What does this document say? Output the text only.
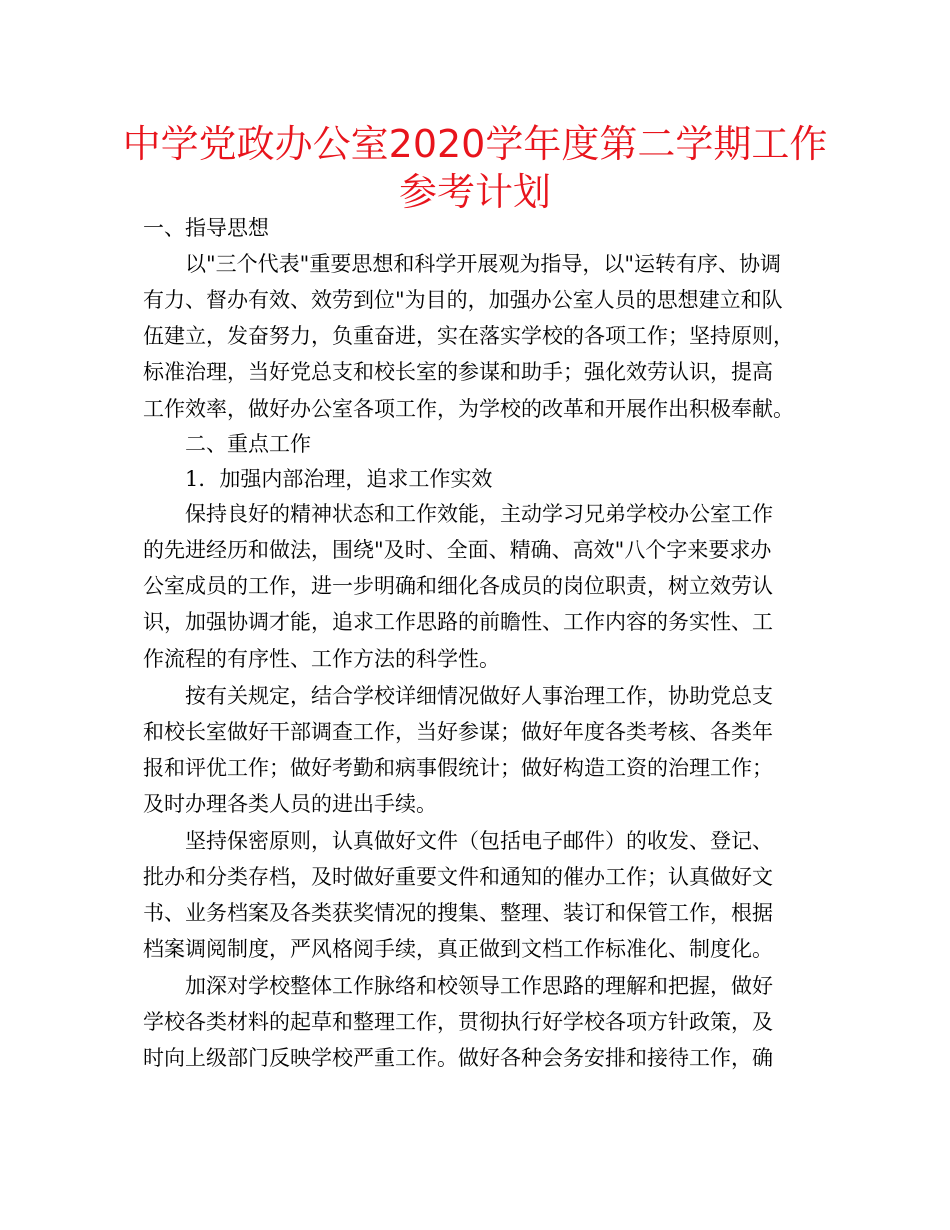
中学党政办公室2020学年度第二学期工作
参考计划

一、指导思想

以"三个代表"重要思想和科学开展观为指导，以"运转有序、协调

有力、督办有效、效劳到位"为目的，加强办公室人员的思想建立和队

伍建立，发奋努力，负重奋进，实在落实学校的各项工作；坚持原则，

标准治理，当好党总支和校长室的参谋和助手；强化效劳认识，提高

工作效率，做好办公室各项工作，为学校的改革和开展作出积极奉献。

二、重点工作

1．加强内部治理，追求工作实效

保持良好的精神状态和工作效能，主动学习兄弟学校办公室工作

的先进经历和做法，围绕"及时、全面、精确、高效"八个字来要求办

公室成员的工作，进一步明确和细化各成员的岗位职责，树立效劳认

识，加强协调才能，追求工作思路的前瞻性、工作内容的务实性、工

作流程的有序性、工作方法的科学性。

按有关规定，结合学校详细情况做好人事治理工作，协助党总支

和校长室做好干部调查工作，当好参谋；做好年度各类考核、各类年

报和评优工作；做好考勤和病事假统计；做好构造工资的治理工作；

及时办理各类人员的进出手续。

坚持保密原则，认真做好文件（包括电子邮件）的收发、登记、

批办和分类存档，及时做好重要文件和通知的催办工作；认真做好文

书、业务档案及各类获奖情况的搜集、整理、装订和保管工作，根据

档案调阅制度，严风格阅手续，真正做到文档工作标准化、制度化。

加深对学校整体工作脉络和校领导工作思路的理解和把握，做好

学校各类材料的起草和整理工作，贯彻执行好学校各项方针政策，及

时向上级部门反映学校严重工作。做好各种会务安排和接待工作，确
